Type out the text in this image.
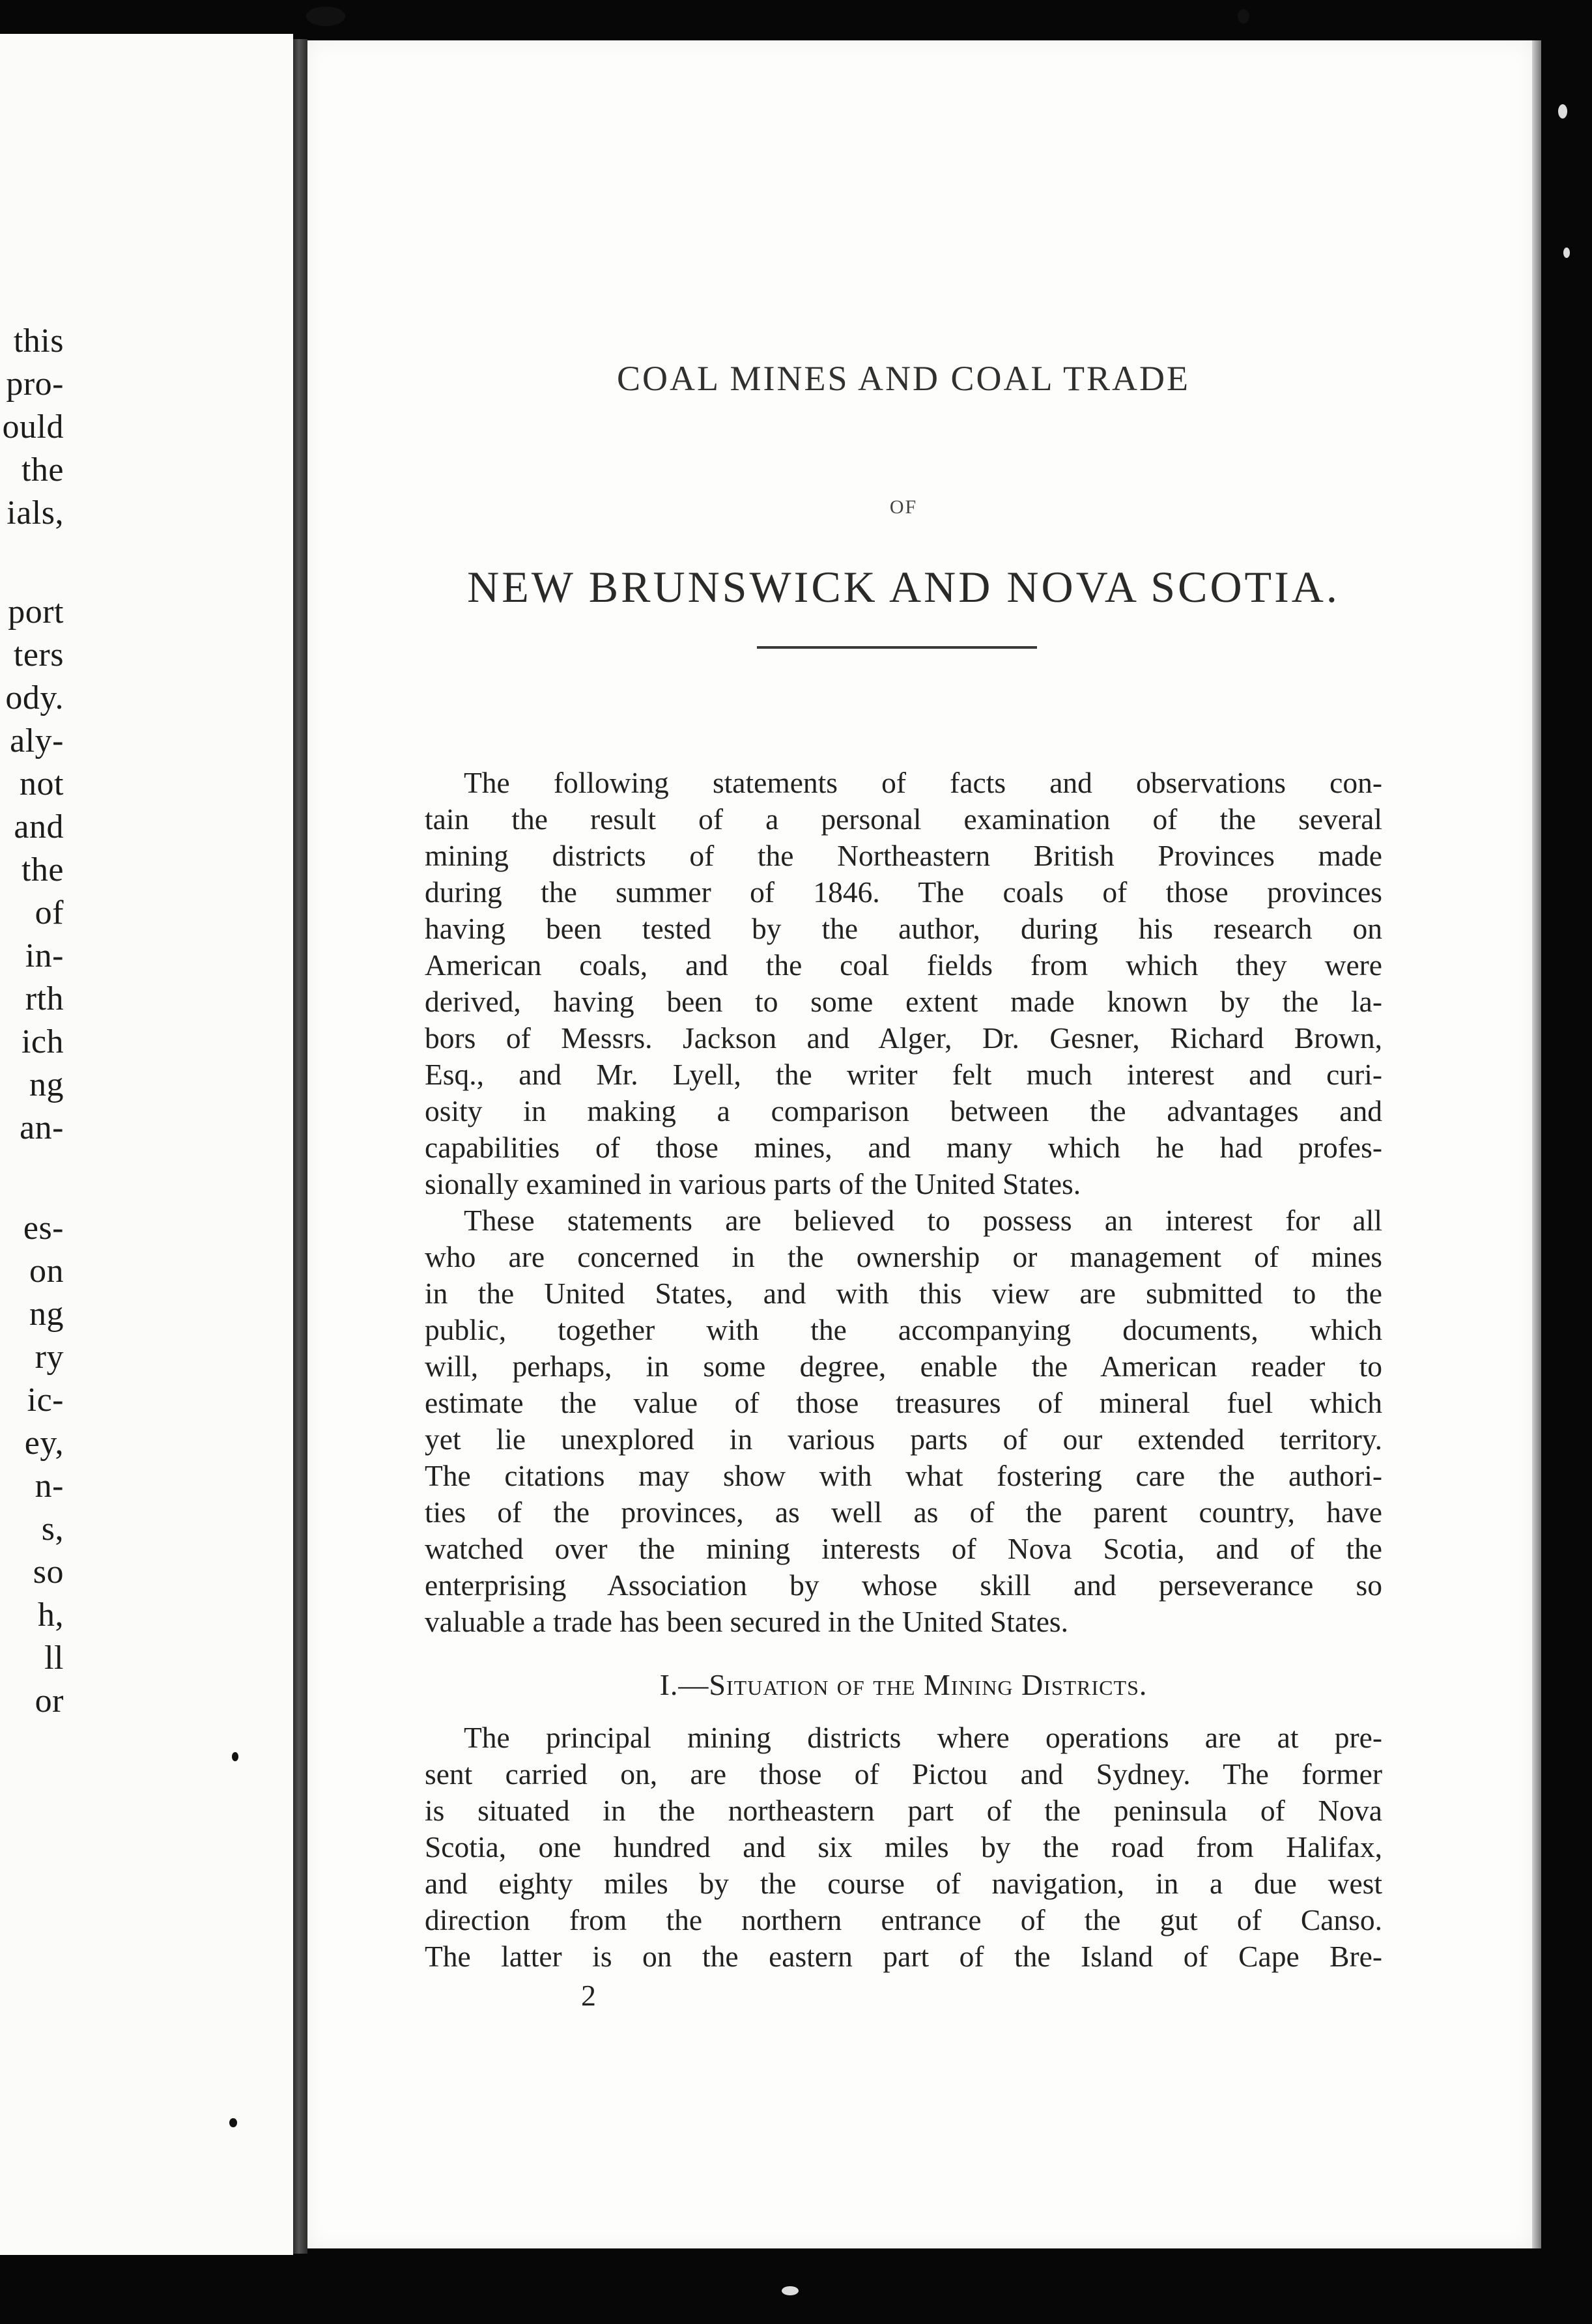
this
pro-
ould
the
ials,
port
ters
ody.
aly-
not
and
the
of
in-
rth
ich
ng
an-
es-
on
ng
ry
ic-
ey,
n-
s,
so
h,
ll
or
COAL MINES AND COAL TRADE
OF
NEW BRUNSWICK AND NOVA SCOTIA.
The following statements of facts and observations con-
tain the result of a personal examination of the several
mining districts of the Northeastern British Provinces made
during the summer of 1846. The coals of those provinces
having been tested by the author, during his research on
American coals, and the coal fields from which they were
derived, having been to some extent made known by the la-
bors of Messrs. Jackson and Alger, Dr. Gesner, Richard Brown,
Esq., and Mr. Lyell, the writer felt much interest and curi-
osity in making a comparison between the advantages and
capabilities of those mines, and many which he had profes-
sionally examined in various parts of the United States.
These statements are believed to possess an interest for all
who are concerned in the ownership or management of mines
in the United States, and with this view are submitted to the
public, together with the accompanying documents, which
will, perhaps, in some degree, enable the American reader to
estimate the value of those treasures of mineral fuel which
yet lie unexplored in various parts of our extended territory.
The citations may show with what fostering care the authori-
ties of the provinces, as well as of the parent country, have
watched over the mining interests of Nova Scotia, and of the
enterprising Association by whose skill and perseverance so
valuable a trade has been secured in the United States.
I.—Situation of the Mining Districts.
The principal mining districts where operations are at pre-
sent carried on, are those of Pictou and Sydney. The former
is situated in the northeastern part of the peninsula of Nova
Scotia, one hundred and six miles by the road from Halifax,
and eighty miles by the course of navigation, in a due west
direction from the northern entrance of the gut of Canso.
The latter is on the eastern part of the Island of Cape Bre-
2
